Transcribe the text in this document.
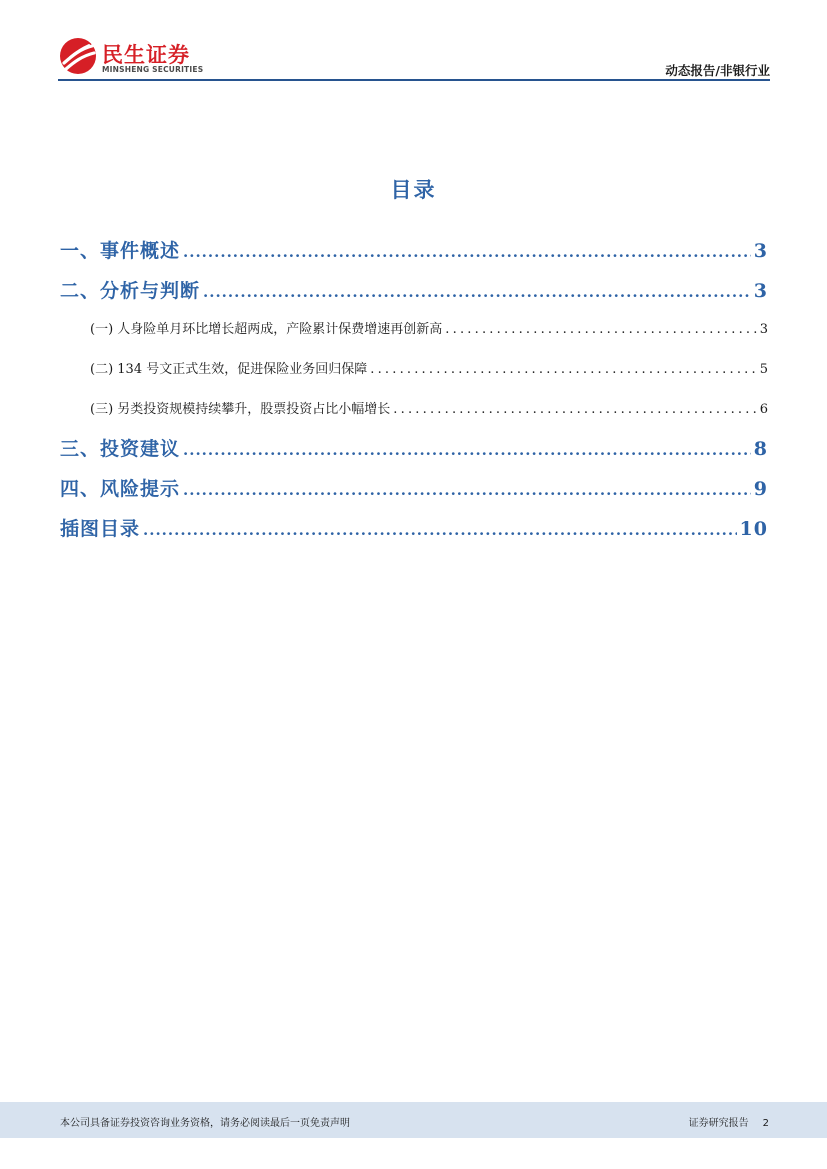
民生证券
MINSHENG SECURITIES	动态报告/非银行业
目录
一、事件概述 .....	3
二、分析与判断 .....	3
(一) 人身险单月环比增长超两成，产险累计保费增速再创新高 .....	3
(二) 134 号文正式生效，促进保险业务回归保障 .....	5
(三) 另类投资规模持续攀升，股票投资占比小幅增长 .....	6
三、投资建议 .....	8
四、风险提示 .....	9
插图目录 .....	10
本公司具备证券投资咨询业务资格，请务必阅读最后一页免责声明	证券研究报告 2
